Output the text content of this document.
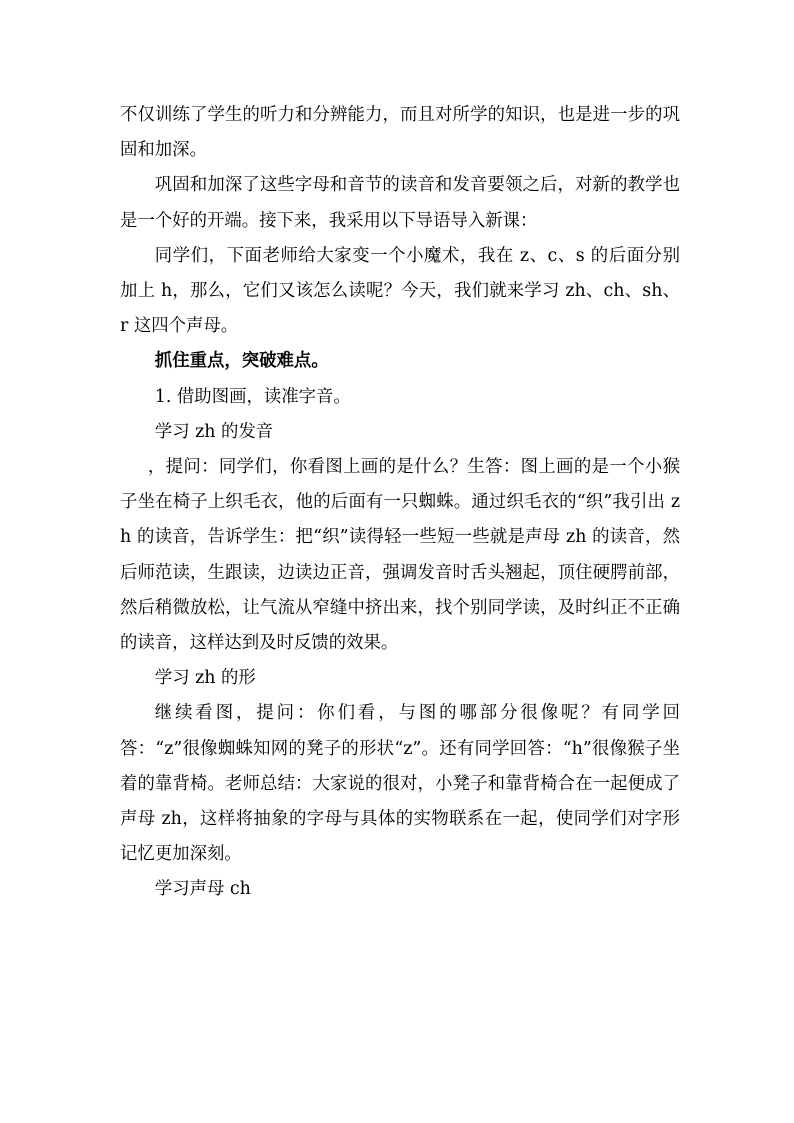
不仅训练了学生的听力和分辨能力，而且对所学的知识，也是进一步的巩固和加深。

巩固和加深了这些字母和音节的读音和发音要领之后，对新的教学也是一个好的开端。接下来，我采用以下导语导入新课：

同学们，下面老师给大家变一个小魔术，我在 z、c、s 的后面分别加上 h，那么，它们又该怎么读呢？今天，我们就来学习 zh、ch、sh、r 这四个声母。

抓住重点，突破难点。

1. 借助图画，读准字音。

学习 zh 的发音

，提问：同学们，你看图上画的是什么？生答：图上画的是一个小猴子坐在椅子上织毛衣，他的后面有一只蜘蛛。通过织毛衣的“织”我引出 zh 的读音，告诉学生：把“织”读得轻一些短一些就是声母 zh 的读音，然后师范读，生跟读，边读边正音，强调发音时舌头翘起，顶住硬腭前部，然后稍微放松，让气流从窄缝中挤出来，找个别同学读，及时纠正不正确的读音，这样达到及时反馈的效果。

学习 zh 的形

继续看图，提问：你们看，与图的哪部分很像呢？有同学回答：“z”很像蜘蛛知网的凳子的形状“z”。还有同学回答：“h”很像猴子坐着的靠背椅。老师总结：大家说的很对，小凳子和靠背椅合在一起便成了声母 zh，这样将抽象的字母与具体的实物联系在一起，使同学们对字形记忆更加深刻。

学习声母 ch
